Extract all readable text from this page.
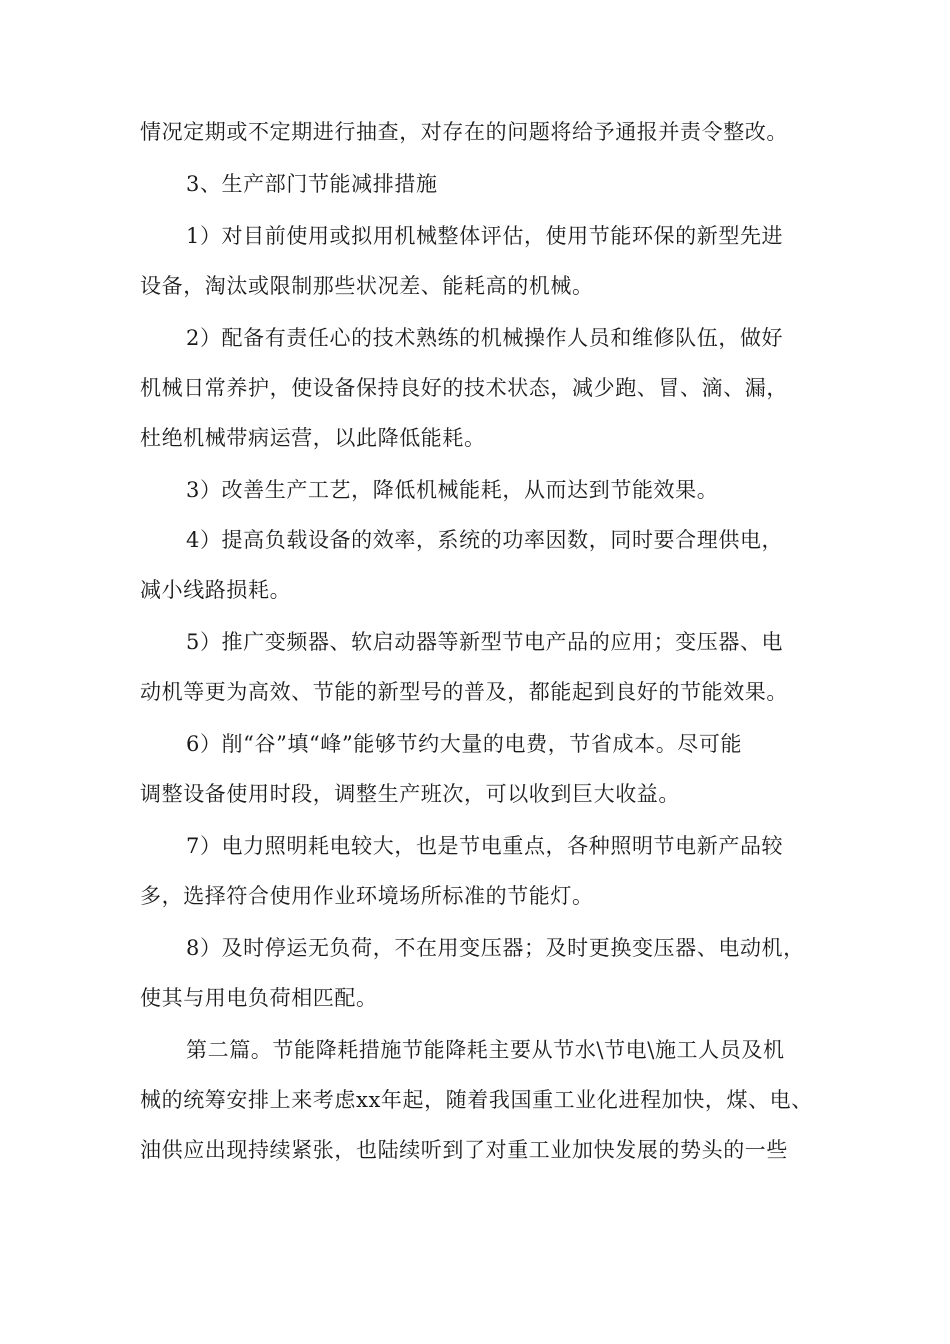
情况定期或不定期进行抽查，对存在的问题将给予通报并责令整改。
3、生产部门节能减排措施
1）对目前使用或拟用机械整体评估，使用节能环保的新型先进
设备，淘汰或限制那些状况差、能耗高的机械。
2）配备有责任心的技术熟练的机械操作人员和维修队伍，做好
机械日常养护，使设备保持良好的技术状态，减少跑、冒、滴、漏，
杜绝机械带病运营，以此降低能耗。
3）改善生产工艺，降低机械能耗，从而达到节能效果。
4）提高负载设备的效率，系统的功率因数，同时要合理供电，
减小线路损耗。
5）推广变频器、软启动器等新型节电产品的应用；变压器、电
动机等更为高效、节能的新型号的普及，都能起到良好的节能效果。
6）削“谷”填“峰”能够节约大量的电费，节省成本。尽可能
调整设备使用时段，调整生产班次，可以收到巨大收益。
7）电力照明耗电较大，也是节电重点，各种照明节电新产品较
多，选择符合使用作业环境场所标准的节能灯。
8）及时停运无负荷，不在用变压器；及时更换变压器、电动机，
使其与用电负荷相匹配。
第二篇。节能降耗措施节能降耗主要从节水\节电\施工人员及机
械的统筹安排上来考虑xx年起，随着我国重工业化进程加快，煤、电、
油供应出现持续紧张，也陆续听到了对重工业加快发展的势头的一些
